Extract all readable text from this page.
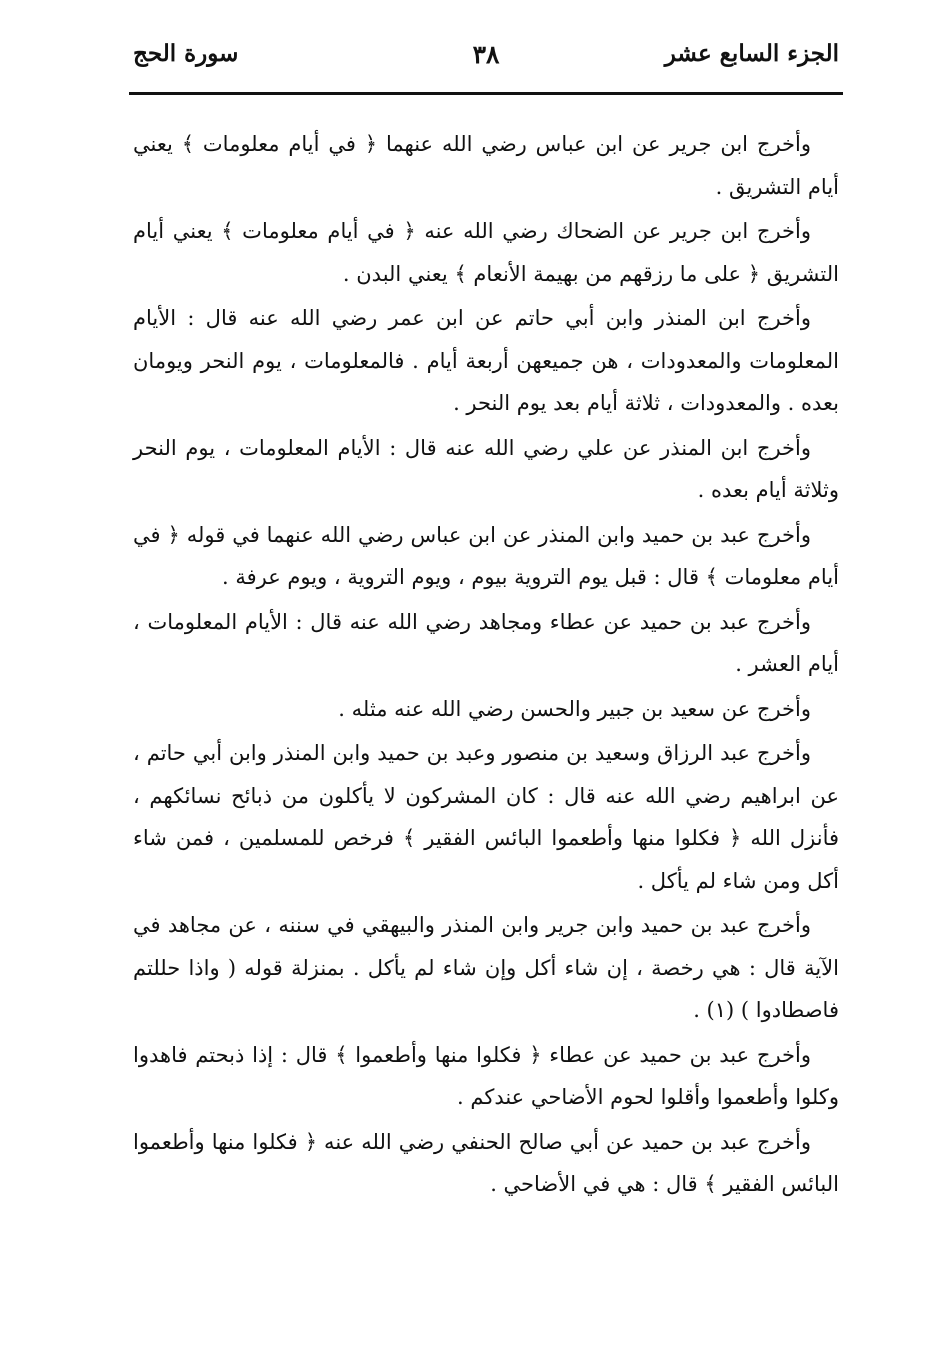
الجزء السابع عشر
٣٨
سورة الحج

وأخرج ابن جرير عن ابن عباس رضي الله عنهما ﴿ في أيام معلومات ﴾ يعني أيام التشريق .

وأخرج ابن جرير عن الضحاك رضي الله عنه ﴿ في أيام معلومات ﴾ يعني أيام التشريق ﴿ على ما رزقهم من بهيمة الأنعام ﴾ يعني البدن .

وأخرج ابن المنذر وابن أبي حاتم عن ابن عمر رضي الله عنه قال : الأيام المعلومات والمعدودات ، هن جميعهن أربعة أيام . فالمعلومات ، يوم النحر ويومان بعده . والمعدودات ، ثلاثة أيام بعد يوم النحر .

وأخرج ابن المنذر عن علي رضي الله عنه قال : الأيام المعلومات ، يوم النحر وثلاثة أيام بعده .

وأخرج عبد بن حميد وابن المنذر عن ابن عباس رضي الله عنهما في قوله ﴿ في أيام معلومات ﴾ قال : قبل يوم التروية بيوم ، ويوم التروية ، ويوم عرفة .

وأخرج عبد بن حميد عن عطاء ومجاهد رضي الله عنه قال : الأيام المعلومات ، أيام العشر .

وأخرج عن سعيد بن جبير والحسن رضي الله عنه مثله .

وأخرج عبد الرزاق وسعيد بن منصور وعبد بن حميد وابن المنذر وابن أبي حاتم ، عن ابراهيم رضي الله عنه قال : كان المشركون لا يأكلون من ذبائح نسائكهم ، فأنزل الله ﴿ فكلوا منها وأطعموا البائس الفقير ﴾ فرخص للمسلمين ، فمن شاء أكل ومن شاء لم يأكل .

وأخرج عبد بن حميد وابن جرير وابن المنذر والبيهقي في سننه ، عن مجاهد في الآية قال : هي رخصة ، إن شاء أكل وإن شاء لم يأكل . بمنزلة قوله ( واذا حللتم فاصطادوا ) (١) .

وأخرج عبد بن حميد عن عطاء ﴿ فكلوا منها وأطعموا ﴾ قال : إذا ذبحتم فاهدوا وكلوا وأطعموا وأقلوا لحوم الأضاحي عندكم .

وأخرج عبد بن حميد عن أبي صالح الحنفي رضي الله عنه ﴿ فكلوا منها وأطعموا البائس الفقير ﴾ قال : هي في الأضاحي .
